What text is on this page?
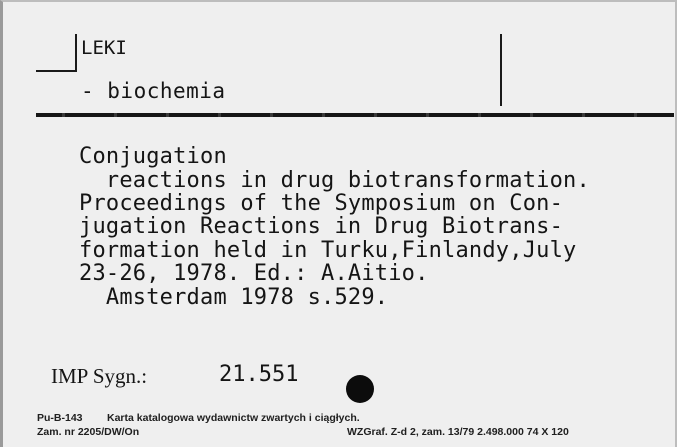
LEKI
- biochemia
Conjugation
reactions in drug biotransformation.
Proceedings of the Symposium on Con-
jugation Reactions in Drug Biotrans-
formation held in Turku,Finlandy,July
23-26, 1978. Ed.: A.Aitio.
Amsterdam 1978 s.529.
IMP Sygn.:	21.551
Pu-B-143 Karta katalogowa wydawnictw zwartych i ciągłych.
Zam. nr 2205/DW/On	WZGraf. Z-d 2, zam. 13/79 2.498.000 74 X 120
